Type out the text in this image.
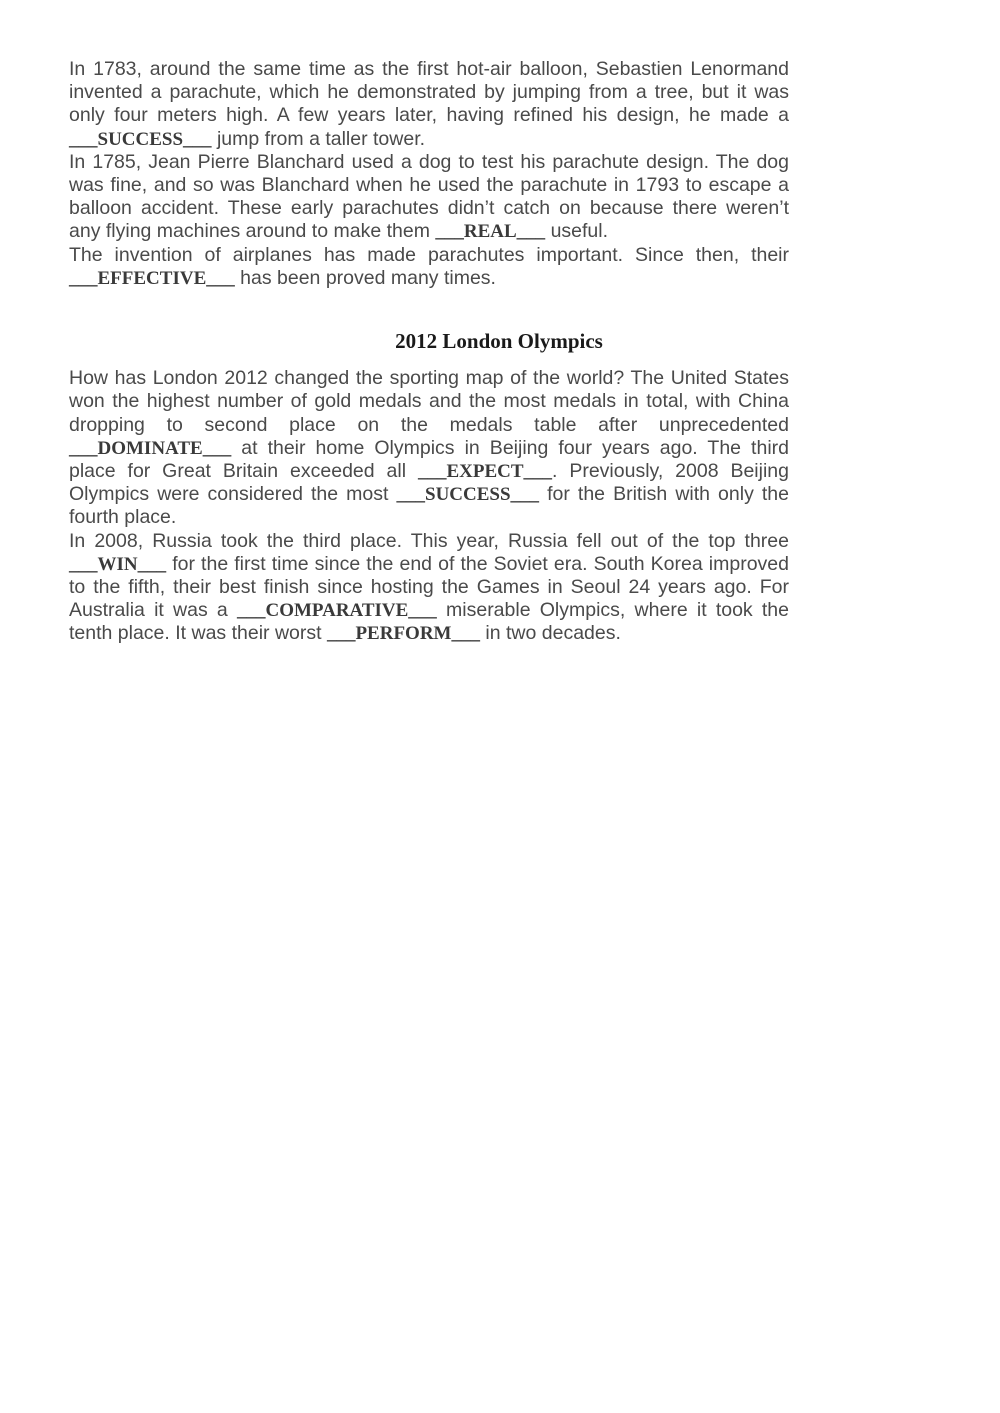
In 1783, around the same time as the first hot-air balloon, Sebastien Lenormand invented a parachute, which he demonstrated by jumping from a tree, but it was only four meters high. A few years later, having refined his design, he made a ___SUCCESS___ jump from a taller tower.

In 1785, Jean Pierre Blanchard used a dog to test his parachute design. The dog was fine, and so was Blanchard when he used the parachute in 1793 to escape a balloon accident. These early parachutes didn’t catch on because there weren’t any flying machines around to make them ___REAL___ useful.

The invention of airplanes has made parachutes important. Since then, their ___EFFECTIVE___ has been proved many times.

2012 London Olympics

How has London 2012 changed the sporting map of the world? The United States won the highest number of gold medals and the most medals in total, with China dropping to second place on the medals table after unprecedented ___DOMINATE___ at their home Olympics in Beijing four years ago. The third place for Great Britain exceeded all ___EXPECT___. Previously, 2008 Beijing Olympics were considered the most ___SUCCESS___ for the British with only the fourth place.

In 2008, Russia took the third place. This year, Russia fell out of the top three ___WIN___ for the first time since the end of the Soviet era. South Korea improved to the fifth, their best finish since hosting the Games in Seoul 24 years ago. For Australia it was a ___COMPARATIVE___ miserable Olympics, where it took the tenth place. It was their worst ___PERFORM___ in two decades.
